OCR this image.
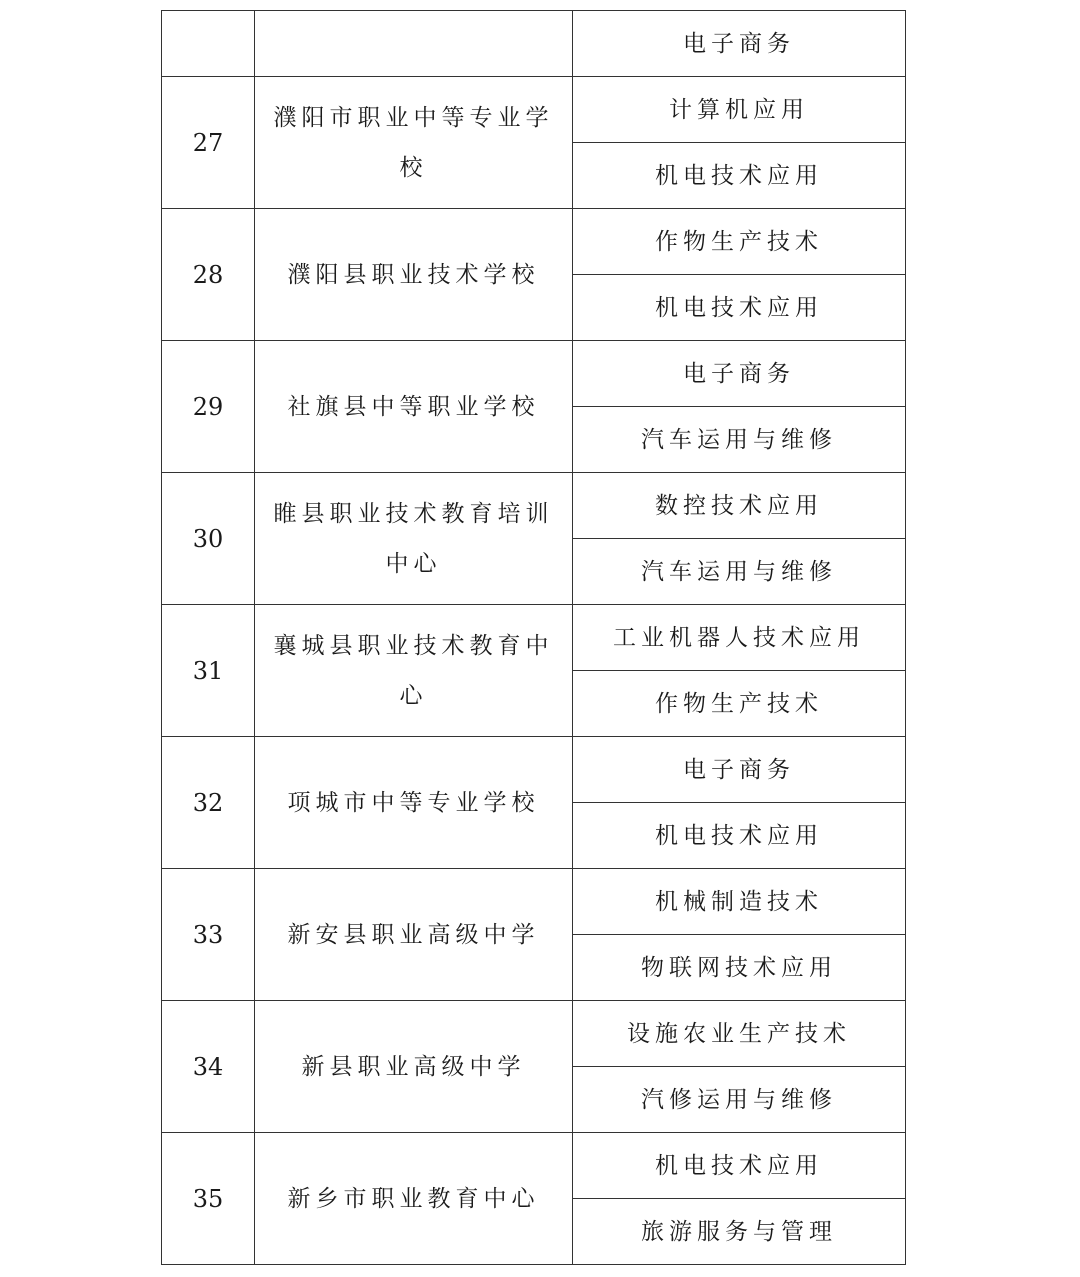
		电子商务
27	濮阳市职业中等专业学校	计算机应用
		机电技术应用
28	濮阳县职业技术学校	作物生产技术
		机电技术应用
29	社旗县中等职业学校	电子商务
		汽车运用与维修
30	睢县职业技术教育培训中心	数控技术应用
		汽车运用与维修
31	襄城县职业技术教育中心	工业机器人技术应用
		作物生产技术
32	项城市中等专业学校	电子商务
		机电技术应用
33	新安县职业高级中学	机械制造技术
		物联网技术应用
34	新县职业高级中学	设施农业生产技术
		汽修运用与维修
35	新乡市职业教育中心	机电技术应用
		旅游服务与管理
